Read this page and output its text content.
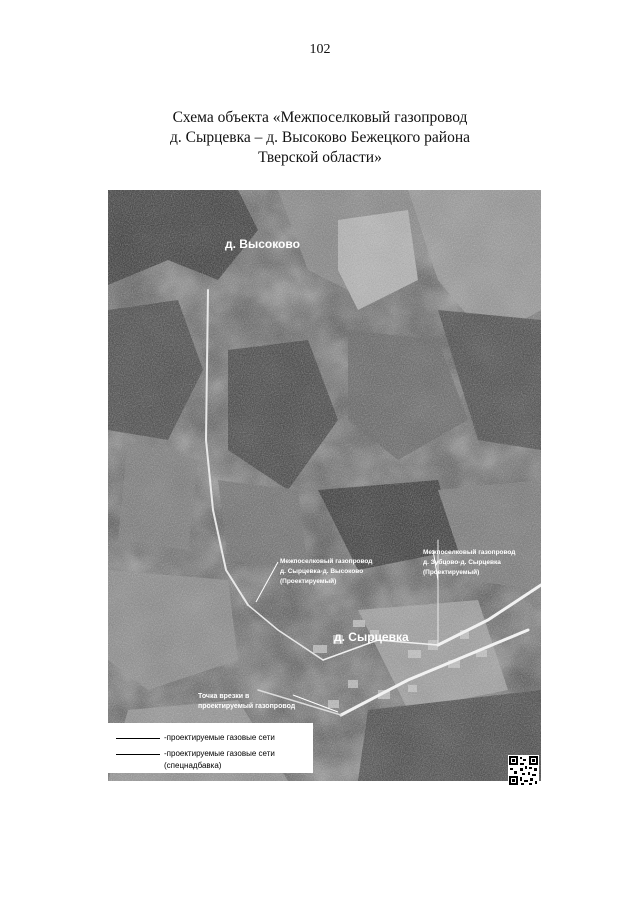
102
Схема объекта «Межпоселковый газопровод
д. Сырцевка – д. Высоково Бежецкого района
Тверской области»
д. Высоково
д. Сырцевка
Межпоселковый газопровод
д. Сырцевка-д. Высоково
(Проектируемый)
Межпоселковый газопровод
д. Зубцово-д. Сырцевка
(Проектируемый)
Точка врезки в
проектируемый газопровод
-проектируемые газовые сети
-проектируемые газовые сети
(спецнадбавка)
